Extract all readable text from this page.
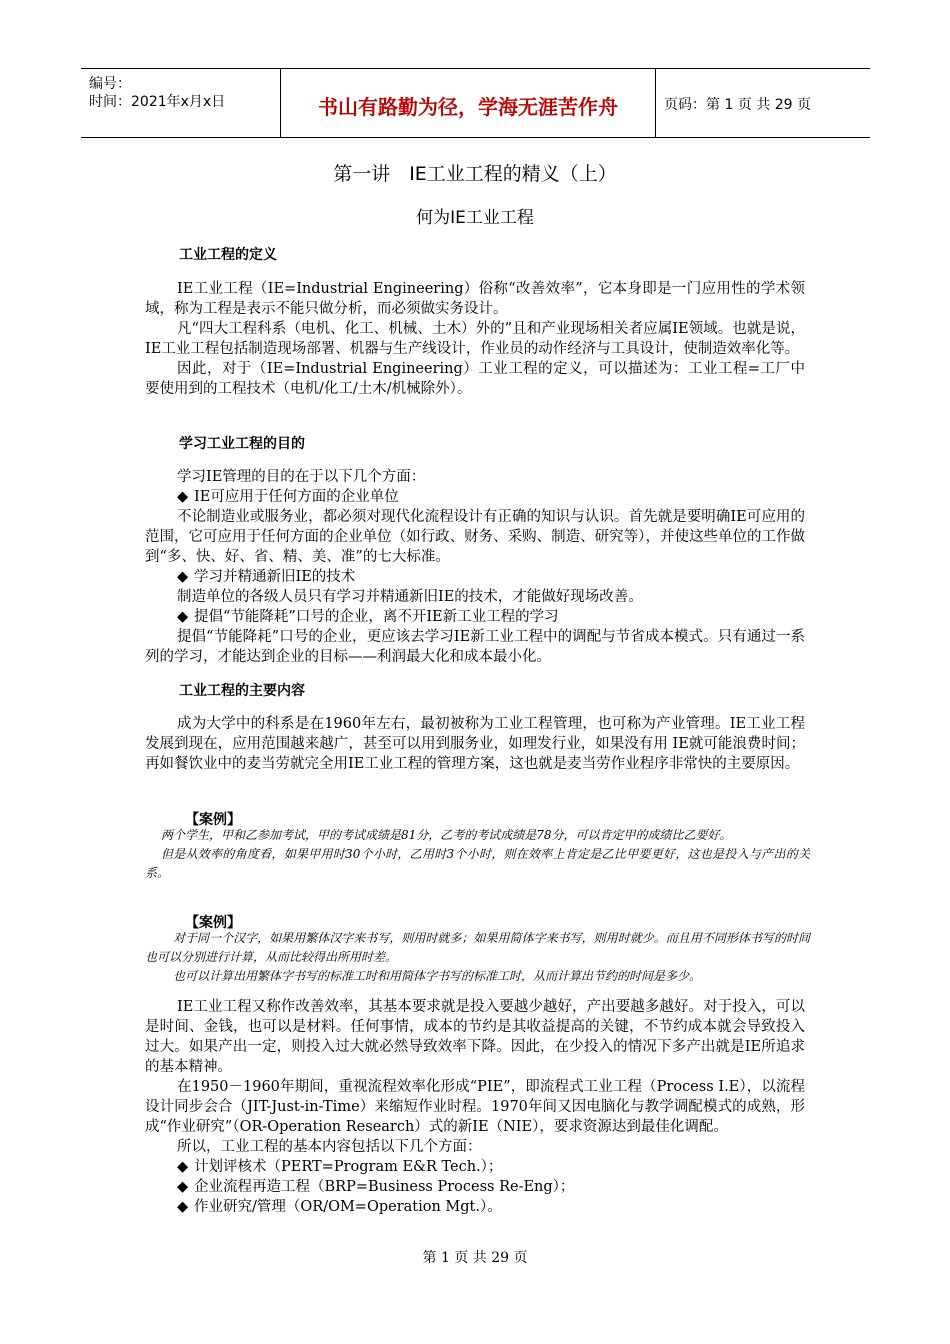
编号：
时间：2021年x月x日	书山有路勤为径，学海无涯苦作舟	页码：第 1 页 共 29 页
第一讲　IE工业工程的精义（上）
何为IE工业工程
工业工程的定义

IE工业工程（IE=Industrial Engineering）俗称“改善效率”，它本身即是一门应用性的学术领域，称为工程是表示不能只做分析，而必须做实务设计。

凡“四大工程科系（电机、化工、机械、土木）外的”且和产业现场相关者应属IE领域。也就是说，IE工业工程包括制造现场部署、机器与生产线设计，作业员的动作经济与工具设计，使制造效率化等。

因此，对于（IE=Industrial Engineering）工业工程的定义，可以描述为：工业工程=工厂中要使用到的工程技术（电机/化工/土木/机械除外）。

学习工业工程的目的

学习IE管理的目的在于以下几个方面：

◆ IE可应用于任何方面的企业单位

不论制造业或服务业，都必须对现代化流程设计有正确的知识与认识。首先就是要明确IE可应用的范围，它可应用于任何方面的企业单位（如行政、财务、采购、制造、研究等），并使这些单位的工作做到“多、快、好、省、精、美、准”的七大标准。

◆ 学习并精通新旧IE的技术

制造单位的各级人员只有学习并精通新旧IE的技术，才能做好现场改善。

◆ 提倡“节能降耗”口号的企业，离不开IE新工业工程的学习

提倡“节能降耗”口号的企业，更应该去学习IE新工业工程中的调配与节省成本模式。只有通过一系列的学习，才能达到企业的目标——利润最大化和成本最小化。

工业工程的主要内容

成为大学中的科系是在1960年左右，最初被称为工业工程管理，也可称为产业管理。IE工业工程发展到现在，应用范围越来越广，甚至可以用到服务业，如理发行业，如果没有用 IE就可能浪费时间；再如餐饮业中的麦当劳就完全用IE工业工程的管理方案，这也就是麦当劳作业程序非常快的主要原因。

【案例】

两个学生，甲和乙参加考试，甲的考试成绩是81分，乙考的考试成绩是78分，可以肯定甲的成绩比乙要好。

但是从效率的角度看，如果甲用时30个小时，乙用时3个小时，则在效率上肯定是乙比甲要更好，这也是投入与产出的关系。

【案例】

对于同一个汉字，如果用繁体汉字来书写，则用时就多；如果用简体字来书写，则用时就少。而且用不同形体书写的时间也可以分别进行计算，从而比较得出所用时差。

也可以计算出用繁体字书写的标准工时和用简体字书写的标准工时，从而计算出节约的时间是多少。

IE工业工程又称作改善效率，其基本要求就是投入要越少越好，产出要越多越好。对于投入，可以是时间、金钱，也可以是材料。任何事情，成本的节约是其收益提高的关键，不节约成本就会导致投入过大。如果产出一定，则投入过大就必然导致效率下降。因此，在少投入的情况下多产出就是IE所追求的基本精神。

在1950－1960年期间，重视流程效率化形成“PIE”，即流程式工业工程（Process I.E），以流程设计同步会合（JIT-Just-in-Time）来缩短作业时程。1970年间又因电脑化与教学调配模式的成熟，形成“作业研究”（OR-Operation Research）式的新IE（NIE），要求资源达到最佳化调配。

所以，工业工程的基本内容包括以下几个方面：

◆ 计划评核术（PERT=Program E&R Tech.）；

◆ 企业流程再造工程（BRP=Business Process Re-Eng）；

◆ 作业研究/管理（OR/OM=Operation Mgt.）。

第 1 页 共 29 页
